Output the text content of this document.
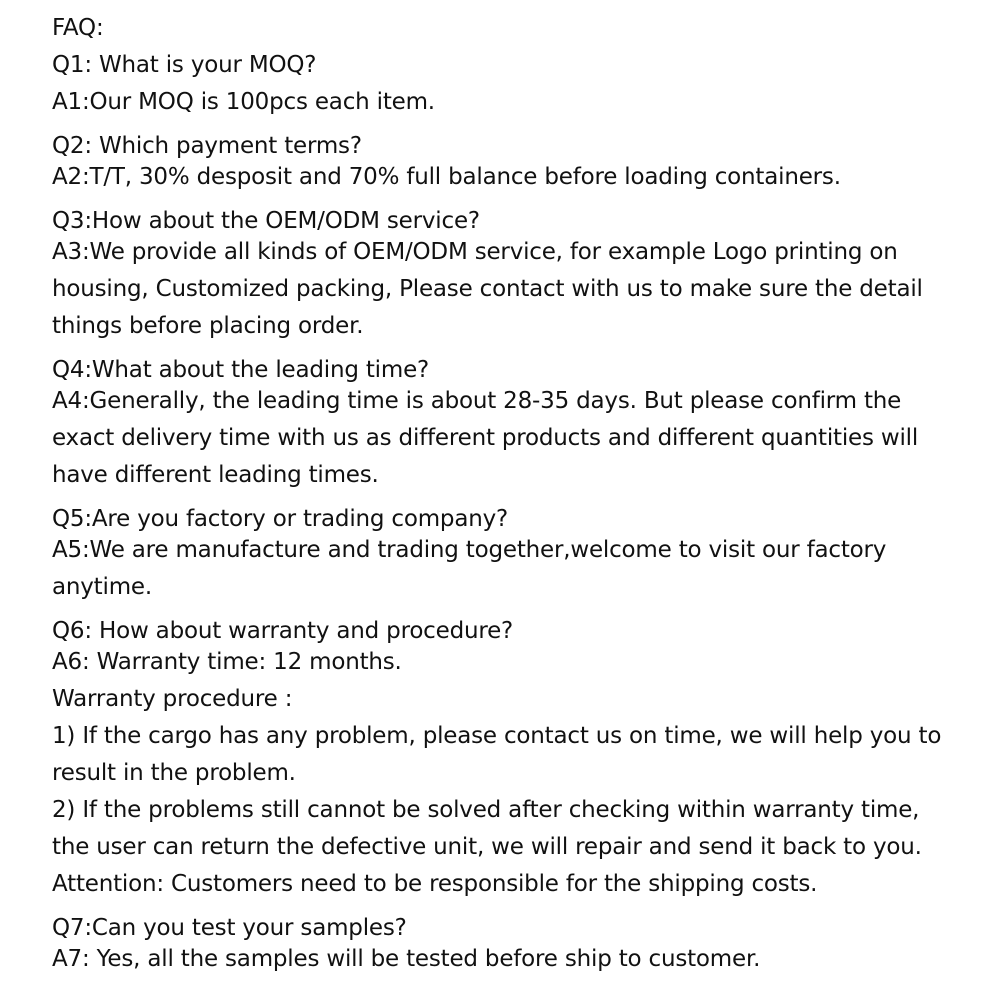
FAQ:

Q1: What is your MOQ?

A1:Our MOQ is 100pcs each item.

Q2: Which payment terms?

A2:T/T, 30% desposit and 70% full balance before loading containers.

Q3:How about the OEM/ODM service?

A3:We provide all kinds of OEM/ODM service, for example Logo printing on housing, Customized packing, Please contact with us to make sure the detail things before placing order.

Q4:What about the leading time?

A4:Generally, the leading time is about 28-35 days. But please confirm the exact delivery time with us as different products and different quantities will have different leading times.

Q5:Are you factory or trading company?

A5:We are manufacture and trading together,welcome to visit our factory anytime.

Q6: How about warranty and procedure?

A6: Warranty time: 12 months.

Warranty procedure :

1) If the cargo has any problem, please contact us on time, we will help you to result in the problem.

2) If the problems still cannot be solved after checking within warranty time, the user can return the defective unit, we will repair and send it back to you.

Attention: Customers need to be responsible for the shipping costs.

Q7:Can you test your samples?

A7: Yes, all the samples will be tested before ship to customer.
